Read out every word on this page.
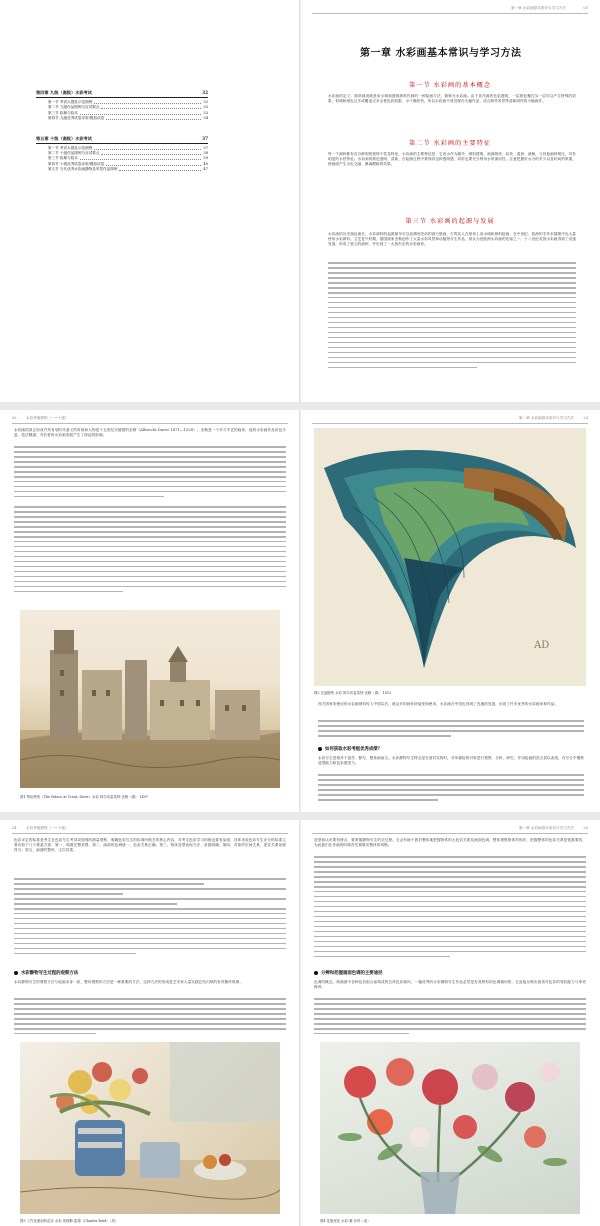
第四章 九级（高级）水彩考试	32
第一节 考试大纲及示范图例	32
第二节 九级作品图例与应试要点	33
第三节 临摹与临本	33
第四节 九级优秀试卷评析/模拟试卷	34
第五章 十级（高级）水彩考试	37
第一节 考试大纲及示范图例	37
第二节 十级作品图例与应试要点	38
第三节 临摹与临本	39
第四节 十级优秀试卷评析/模拟试卷	40
第五节 当代优秀水彩画静物及风景作品图例	47
第一章 水彩画基本常识与学习方法	03
第一章 水彩画基本常识与学习方法
第一节 水彩画的基本概念
水彩画的定义，简单地说就是用水调和透明颜料作画的一种绘画方法，简称为水彩画。由于其作画的色彩透明，一层颜色覆过另一层可以产生特殊的效果，但调和颜色过多或覆盖过多会使色彩肮脏，水干燥的快，所以水彩画不适宜制作大幅作品，适合制作风景等清新明快的小幅画作。
第二节 水彩画的主要特征
每一个画种都有各自鲜明的独特个性及特征，水彩画的主要特征是：它用水作为媒介，颜料透明，画面明快、轻快、湿润、流畅，与其他画种相比，具有明显的水性特征。水彩画的颜色透明、清新，在绘画过程中要保持这种透明感，同时也要充分利用水的流动性，注意把握好水分的多少以及时间的掌握，使画面产生水色交融、淋漓酣畅的效果。
第三节 水彩画的起源与发展
水彩画的历史源远流长，水彩颜料的起源最早可以追溯到史前的洞穴壁画，古埃及人在纸草上用水调和颜料绘画，在中世纪，欧洲的手抄本插图中也大量使用水彩颜料。文艺复兴时期，德国画家丢勒创作了大量水彩风景和动植物写生作品，被认为是欧洲水彩画的先驱之一。十八世纪英国水彩画得到了迅速发展，形成了独立的画种，并出现了一大批杰出的水彩画家。
02	水彩考级教程（一~十级）
水彩画的真正形成并具有划时代意义的时间和人物是十五世纪末德国的丢勒（Albrecht Durer 1471—1528）。丢勒是一个多才多艺的画家，他的水彩画作品用色丰富，技法精湛，对后世的水彩画发展产生了深远的影响。
图1 特伦特的（The Palace at Trent, Diver）水彩 阿尔布雷希特·丢勒（德） 1497
第一章 水彩画基本常识与学习方法	23
AD
图2 先翅膀的 水彩 阿尔布雷希特·丢勒（德） 1512
西方国家所使用的水彩画颜料传入中国以后，被众多的画家所接受和使用，水彩画在中国也得到了迅速的发展，出现了许多优秀的水彩画家和作品。
如何获取水彩考级优秀成绩？
水彩写生是相对于创作、默写、想象画而言。水彩静物写生特点是在面对实物时，对所描绘的对象进行观察、分析、研究，并用绘画的语言加以表现，在写生中锻炼造型能力和色彩感受力。
24	水彩考级教程（一~十级）
色彩评定的标准是考生在色彩写生考试或规则的测量观察、明确色彩写生的标准所相关的核心内容，对考生色彩学习训练也要有参照，具体来说色彩写生评分的标准主要有如下几个要素方面：第一，构图完整美观；第二，画面的色调统一、色彩关系正确；第三，物体造型表现方法、质感明确；第四，对象的空间关系、虚实关系处理得当；第五，画面的整体、主次效果。
水彩静物写生过程的观察方法
水彩静物写生的观察方法与绘画本身一致，整体观察的方法是一种重要的方法，这种方法的形成是艺术家大量实践总结归纳的有效操作规律。
图3 工作室窗前的花卉 水彩 查理斯·雷德（Charles Reid）（美）
第一章 水彩画基本常识与学习方法	25
造型和认识要有特点，要掌握静物写生的全过程。它会有助于我们整体地把握物体的大色彩关系及画面色调，整体观察物体的形状、把握整体的色彩关系是很重要的，为此我们在作画的时候首先要做出整体的判断。
分辨和把握画面色调的主要途径
色调的概念，即画面中各种色彩组合而构成的总体色彩倾向，一幅优秀的水彩静物写生作品必然是有其特有的色调倾向的，它直接反映出画者对色彩的驾驭能力与审美修养。
图4 花瓶里花 水彩 雅·沙玛（美）
